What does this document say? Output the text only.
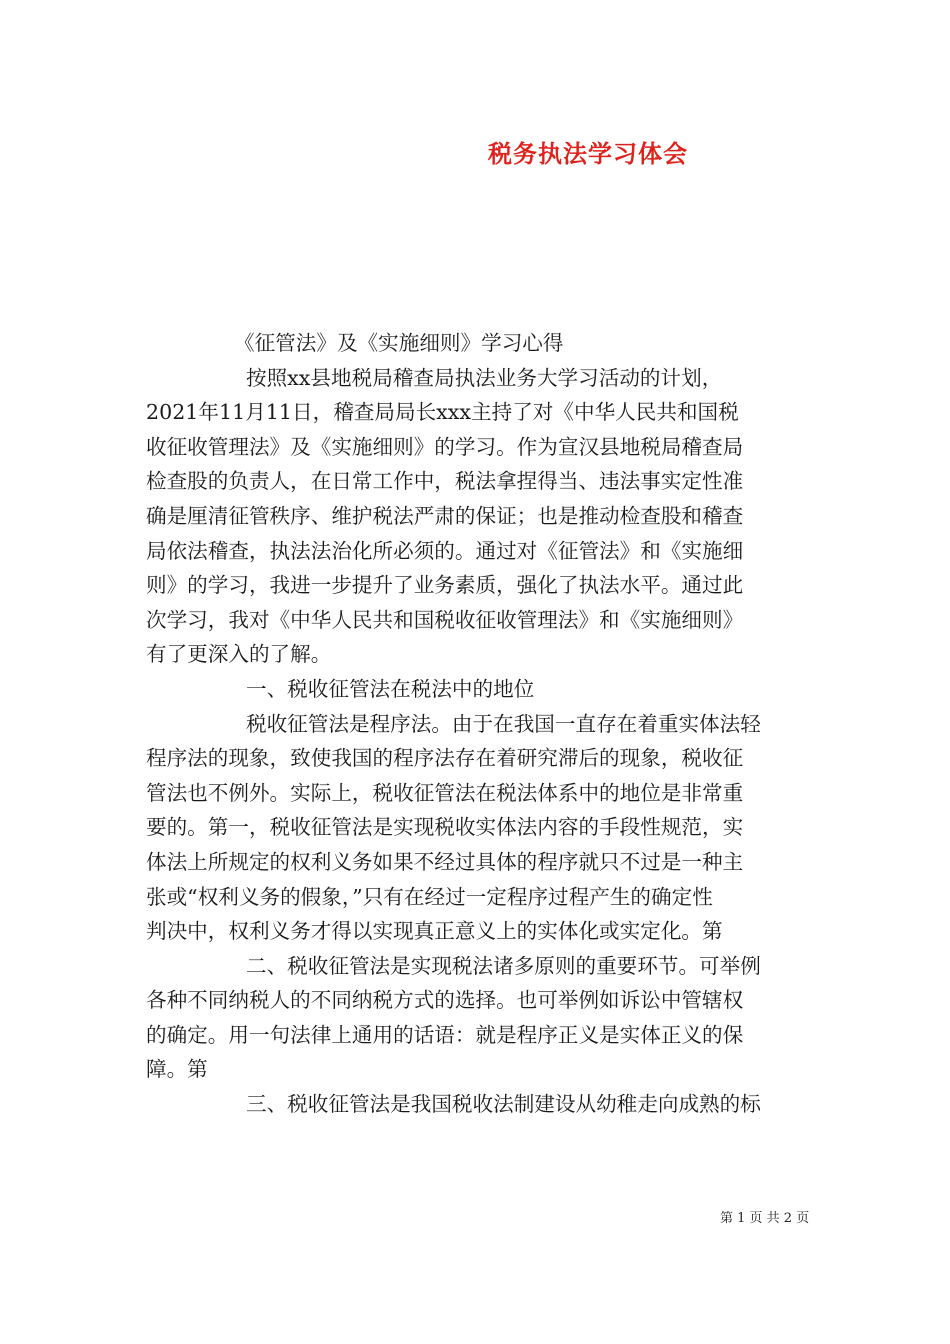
税务执法学习体会

《征管法》及《实施细则》学习心得

按照xx县地税局稽查局执法业务大学习活动的计划，

2021年11月11日，稽查局局长xxx主持了对《中华人民共和国税

收征收管理法》及《实施细则》的学习。作为宣汉县地税局稽查局

检查股的负责人，在日常工作中，税法拿捏得当、违法事实定性准

确是厘清征管秩序、维护税法严肃的保证；也是推动检查股和稽查

局依法稽查，执法法治化所必须的。通过对《征管法》和《实施细

则》的学习，我进一步提升了业务素质，强化了执法水平。通过此

次学习，我对《中华人民共和国税收征收管理法》和《实施细则》

有了更深入的了解。

一、税收征管法在税法中的地位

税收征管法是程序法。由于在我国一直存在着重实体法轻

程序法的现象，致使我国的程序法存在着研究滞后的现象，税收征

管法也不例外。实际上，税收征管法在税法体系中的地位是非常重

要的。第一，税收征管法是实现税收实体法内容的手段性规范，实

体法上所规定的权利义务如果不经过具体的程序就只不过是一种主

张或“权利义务的假象，”只有在经过一定程序过程产生的确定性

判决中，权利义务才得以实现真正意义上的实体化或实定化。第

二、税收征管法是实现税法诸多原则的重要环节。可举例

各种不同纳税人的不同纳税方式的选择。也可举例如诉讼中管辖权

的确定。用一句法律上通用的话语：就是程序正义是实体正义的保

障。第

三、税收征管法是我国税收法制建设从幼稚走向成熟的标

第 1 页 共 2 页
